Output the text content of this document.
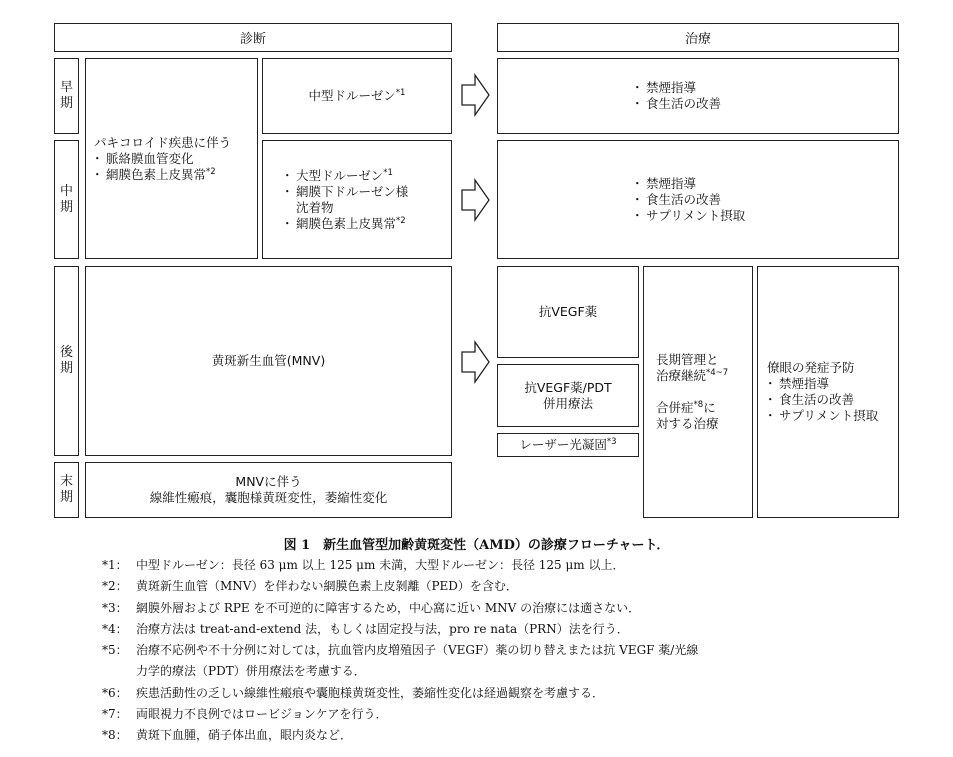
診断	治療
早
期
中
期
後
期
末
期
パキコロイド疾患に伴う
・ 脈絡膜血管変化
・ 網膜色素上皮異常$^{*2}$
中型ドルーゼン$^{*1}$
・ 大型ドルーゼン$^{*1}$
・ 網膜下ドルーゼン様
沈着物
・ 網膜色素上皮異常$^{*2}$
黄斑新生血管(MNV)
MNVに伴う
線維性瘢痕，囊胞様黄斑変性，萎縮性変化
・ 禁煙指導
・ 食生活の改善
・ 禁煙指導
・ 食生活の改善
・ サプリメント摂取
抗VEGF薬
抗VEGF薬/PDT
併用療法
レーザー光凝固$^{*3}$
長期管理と
治療継続$^{*4\sim 7}$
合併症$^{*8}$に
対する治療
僚眼の発症予防
・ 禁煙指導
・ 食生活の改善
・ サプリメント摂取
図 1　新生血管型加齢黄斑変性（AMD）の診療フローチャート．
*1： 中型ドルーゼン：長径 63 μm 以上 125 μm 未満，大型ドルーゼン：長径 125 μm 以上．
*2： 黄斑新生血管（MNV）を伴わない網膜色素上皮剝離（PED）を含む．
*3： 網膜外層および RPE を不可逆的に障害するため，中心窩に近い MNV の治療には適さない．
*4： 治療方法は treat-and-extend 法，もしくは固定投与法，pro re nata（PRN）法を行う．
*5： 治療不応例や不十分例に対しては，抗血管内皮増殖因子（VEGF）薬の切り替えまたは抗 VEGF 薬/光線
力学的療法（PDT）併用療法を考慮する．
*6： 疾患活動性の乏しい線維性瘢痕や囊胞様黄斑変性，萎縮性変化は経過観察を考慮する．
*7： 両眼視力不良例ではロービジョンケアを行う．
*8： 黄斑下血腫，硝子体出血，眼内炎など．
